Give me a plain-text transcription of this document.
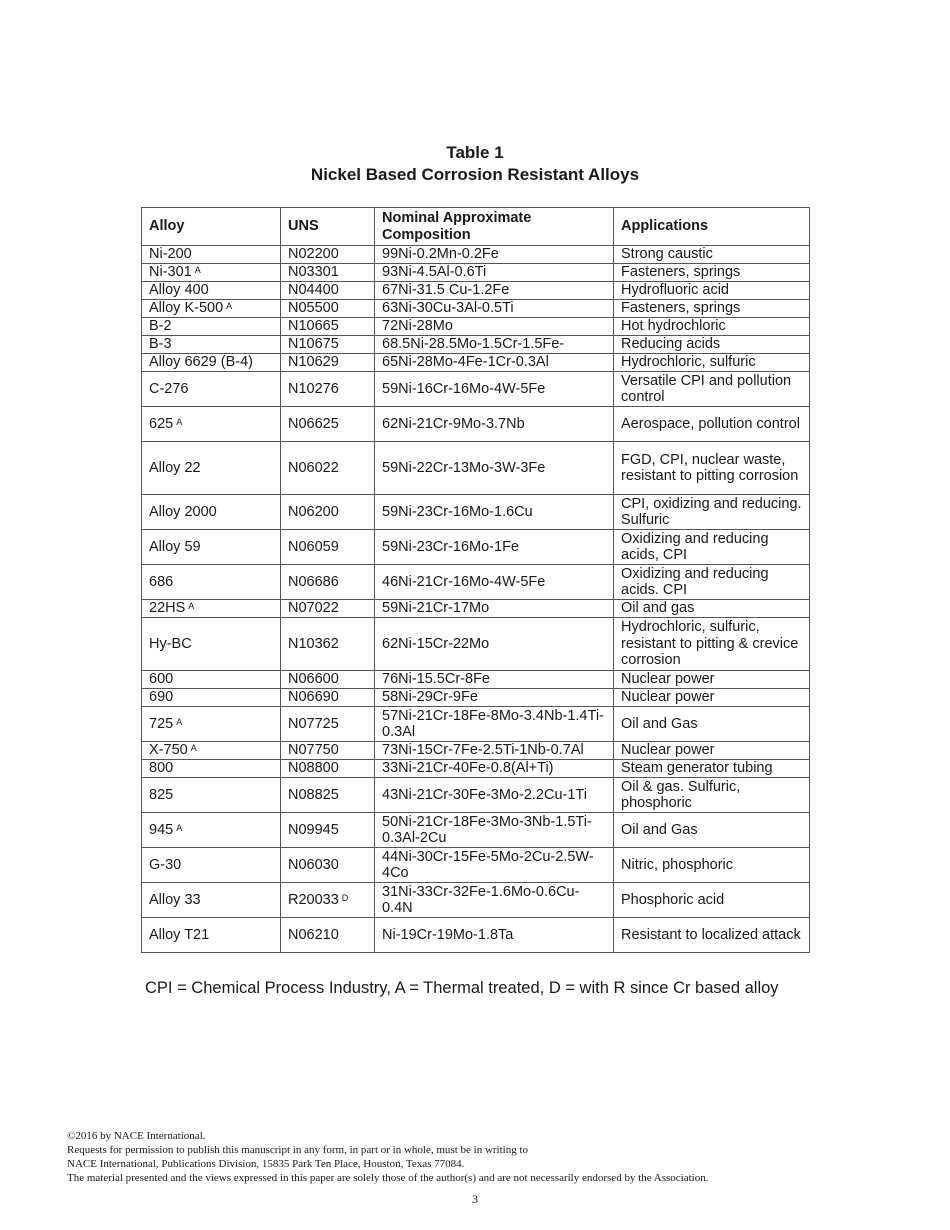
Table 1
Nickel Based Corrosion Resistant Alloys
Alloy	UNS	Nominal Approximate Composition	Applications
Ni-200	N02200	99Ni-0.2Mn-0.2Fe	Strong caustic
Ni-301 $^A$	N03301	93Ni-4.5Al-0.6Ti	Fasteners, springs
Alloy 400	N04400	67Ni-31.5 Cu-1.2Fe	Hydrofluoric acid
Alloy K-500 $^A$	N05500	63Ni-30Cu-3Al-0.5Ti	Fasteners, springs
B-2	N10665	72Ni-28Mo	Hot hydrochloric
B-3	N10675	68.5Ni-28.5Mo-1.5Cr-1.5Fe-	Reducing acids
Alloy 6629 (B-4)	N10629	65Ni-28Mo-4Fe-1Cr-0.3Al	Hydrochloric, sulfuric
C-276	N10276	59Ni-16Cr-16Mo-4W-5Fe	Versatile CPI and pollution control
625 $^A$	N06625	62Ni-21Cr-9Mo-3.7Nb	Aerospace, pollution control
Alloy 22	N06022	59Ni-22Cr-13Mo-3W-3Fe	FGD, CPI, nuclear waste, resistant to pitting corrosion
Alloy 2000	N06200	59Ni-23Cr-16Mo-1.6Cu	CPI, oxidizing and reducing. Sulfuric
Alloy 59	N06059	59Ni-23Cr-16Mo-1Fe	Oxidizing and reducing acids, CPI
686	N06686	46Ni-21Cr-16Mo-4W-5Fe	Oxidizing and reducing acids. CPI
22HS $^A$	N07022	59Ni-21Cr-17Mo	Oil and gas
Hy-BC	N10362	62Ni-15Cr-22Mo	Hydrochloric, sulfuric, resistant to pitting & crevice corrosion
600	N06600	76Ni-15.5Cr-8Fe	Nuclear power
690	N06690	58Ni-29Cr-9Fe	Nuclear power
725 $^A$	N07725	57Ni-21Cr-18Fe-8Mo-3.4Nb-1.4Ti-0.3Al	Oil and Gas
X-750 $^A$	N07750	73Ni-15Cr-7Fe-2.5Ti-1Nb-0.7Al	Nuclear power
800	N08800	33Ni-21Cr-40Fe-0.8(Al+Ti)	Steam generator tubing
825	N08825	43Ni-21Cr-30Fe-3Mo-2.2Cu-1Ti	Oil & gas. Sulfuric, phosphoric
945 $^A$	N09945	50Ni-21Cr-18Fe-3Mo-3Nb-1.5Ti-0.3Al-2Cu	Oil and Gas
G-30	N06030	44Ni-30Cr-15Fe-5Mo-2Cu-2.5W-4Co	Nitric, phosphoric
Alloy 33	R20033 $^D$	31Ni-33Cr-32Fe-1.6Mo-0.6Cu-0.4N	Phosphoric acid
Alloy T21	N06210	Ni-19Cr-19Mo-1.8Ta	Resistant to localized attack
CPI = Chemical Process Industry, A = Thermal treated, D = with R since Cr based alloy
©2016 by NACE International.
Requests for permission to publish this manuscript in any form, in part or in whole, must be in writing to
NACE International, Publications Division, 15835 Park Ten Place, Houston, Texas 77084.
The material presented and the views expressed in this paper are solely those of the author(s) and are not necessarily endorsed by the Association.
3
